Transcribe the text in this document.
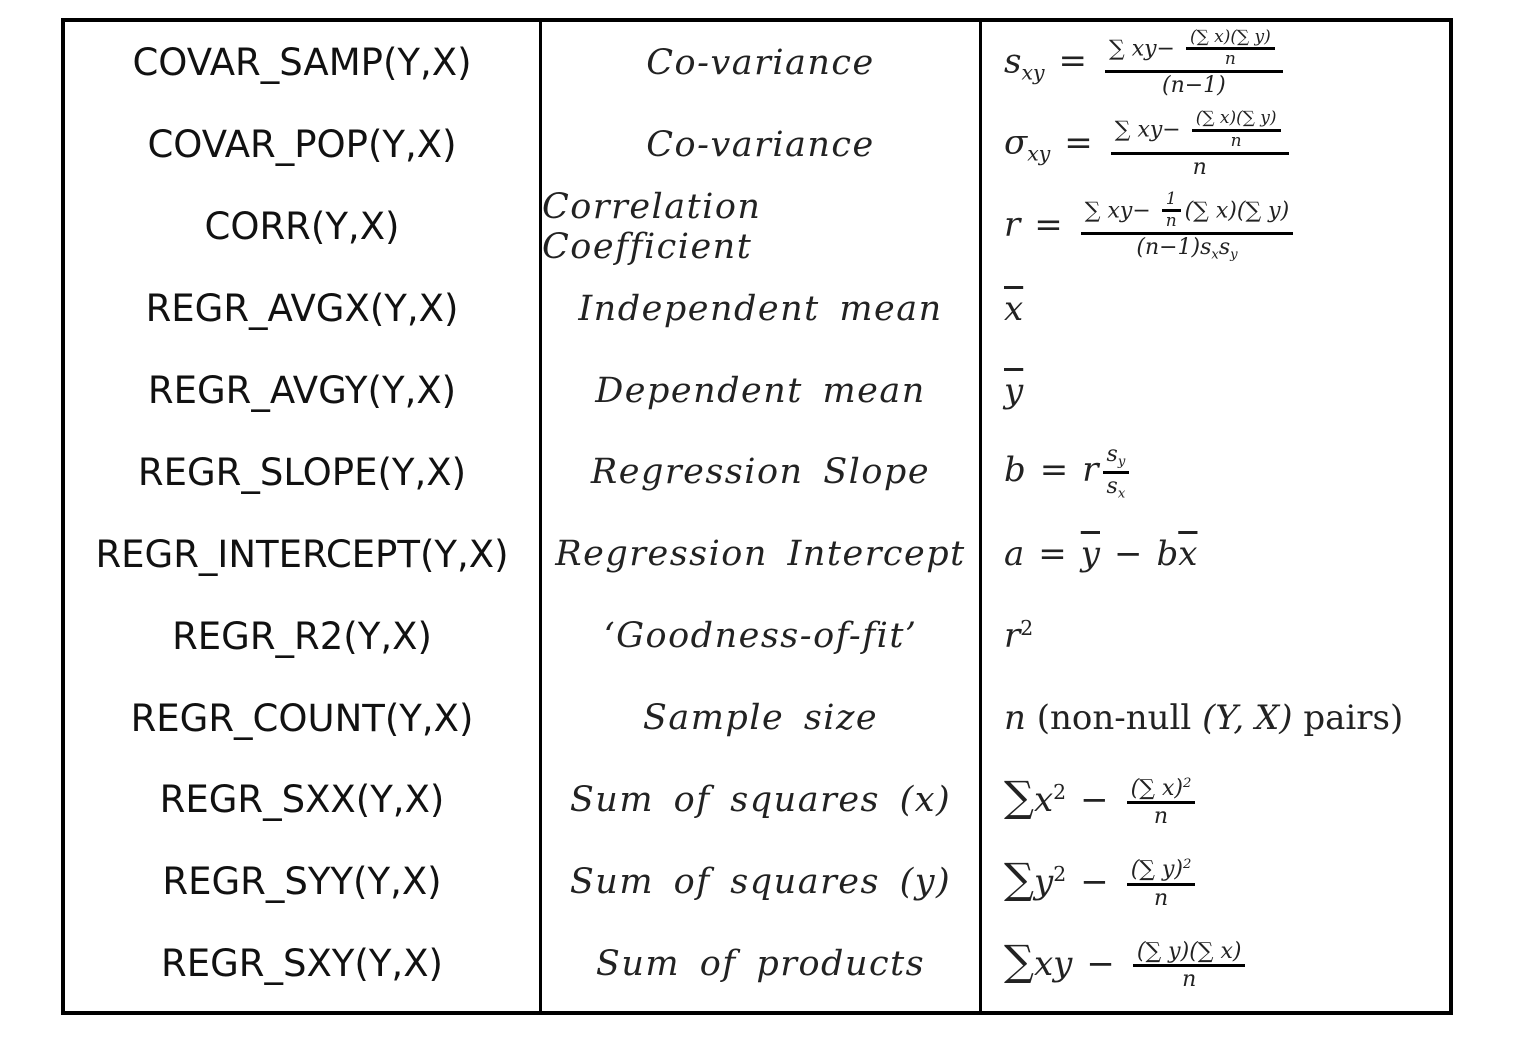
COVAR_SAMP(Y,X)
COVAR_POP(Y,X)
CORR(Y,X)
REGR_AVGX(Y,X)
REGR_AVGY(Y,X)
REGR_SLOPE(Y,X)
REGR_INTERCEPT(Y,X)
REGR_R2(Y,X)
REGR_COUNT(Y,X)
REGR_SXX(Y,X)
REGR_SYY(Y,X)
REGR_SXY(Y,X)
Co-variance
Co-variance
Correlation Coefficient
Independent mean
Dependent mean
Regression Slope
Regression Intercept
‘Goodness-of-fit’
Sample size
Sum of squares (x)
Sum of squares (y)
Sum of products
$s_{xy} = \frac{\sum xy- \frac{(\sum x)(\sum y)}{n}}{(n-1)}$
$\sigma_{xy} = \frac{\sum xy- \frac{(\sum x)(\sum y)}{n}}{n}$
$r = \frac{\sum xy- \frac{1}{n} (\sum x)(\sum y)}{(n-1)s_xs_y}$
$\overline{x}$
$\overline{y}$
b = r $\frac{s_y}{s_x}$
$a = \overline{y} - b\overline{x}$
$r^2$
n (non-null (Y, X) pairs)
$\sum x^2 - \frac{(\sum x)^2}{n}$
$\sum y^2 - \frac{(\sum y)^2}{n}$
$\sum xy - \frac{(\sum y)(\sum x)}{n}$
